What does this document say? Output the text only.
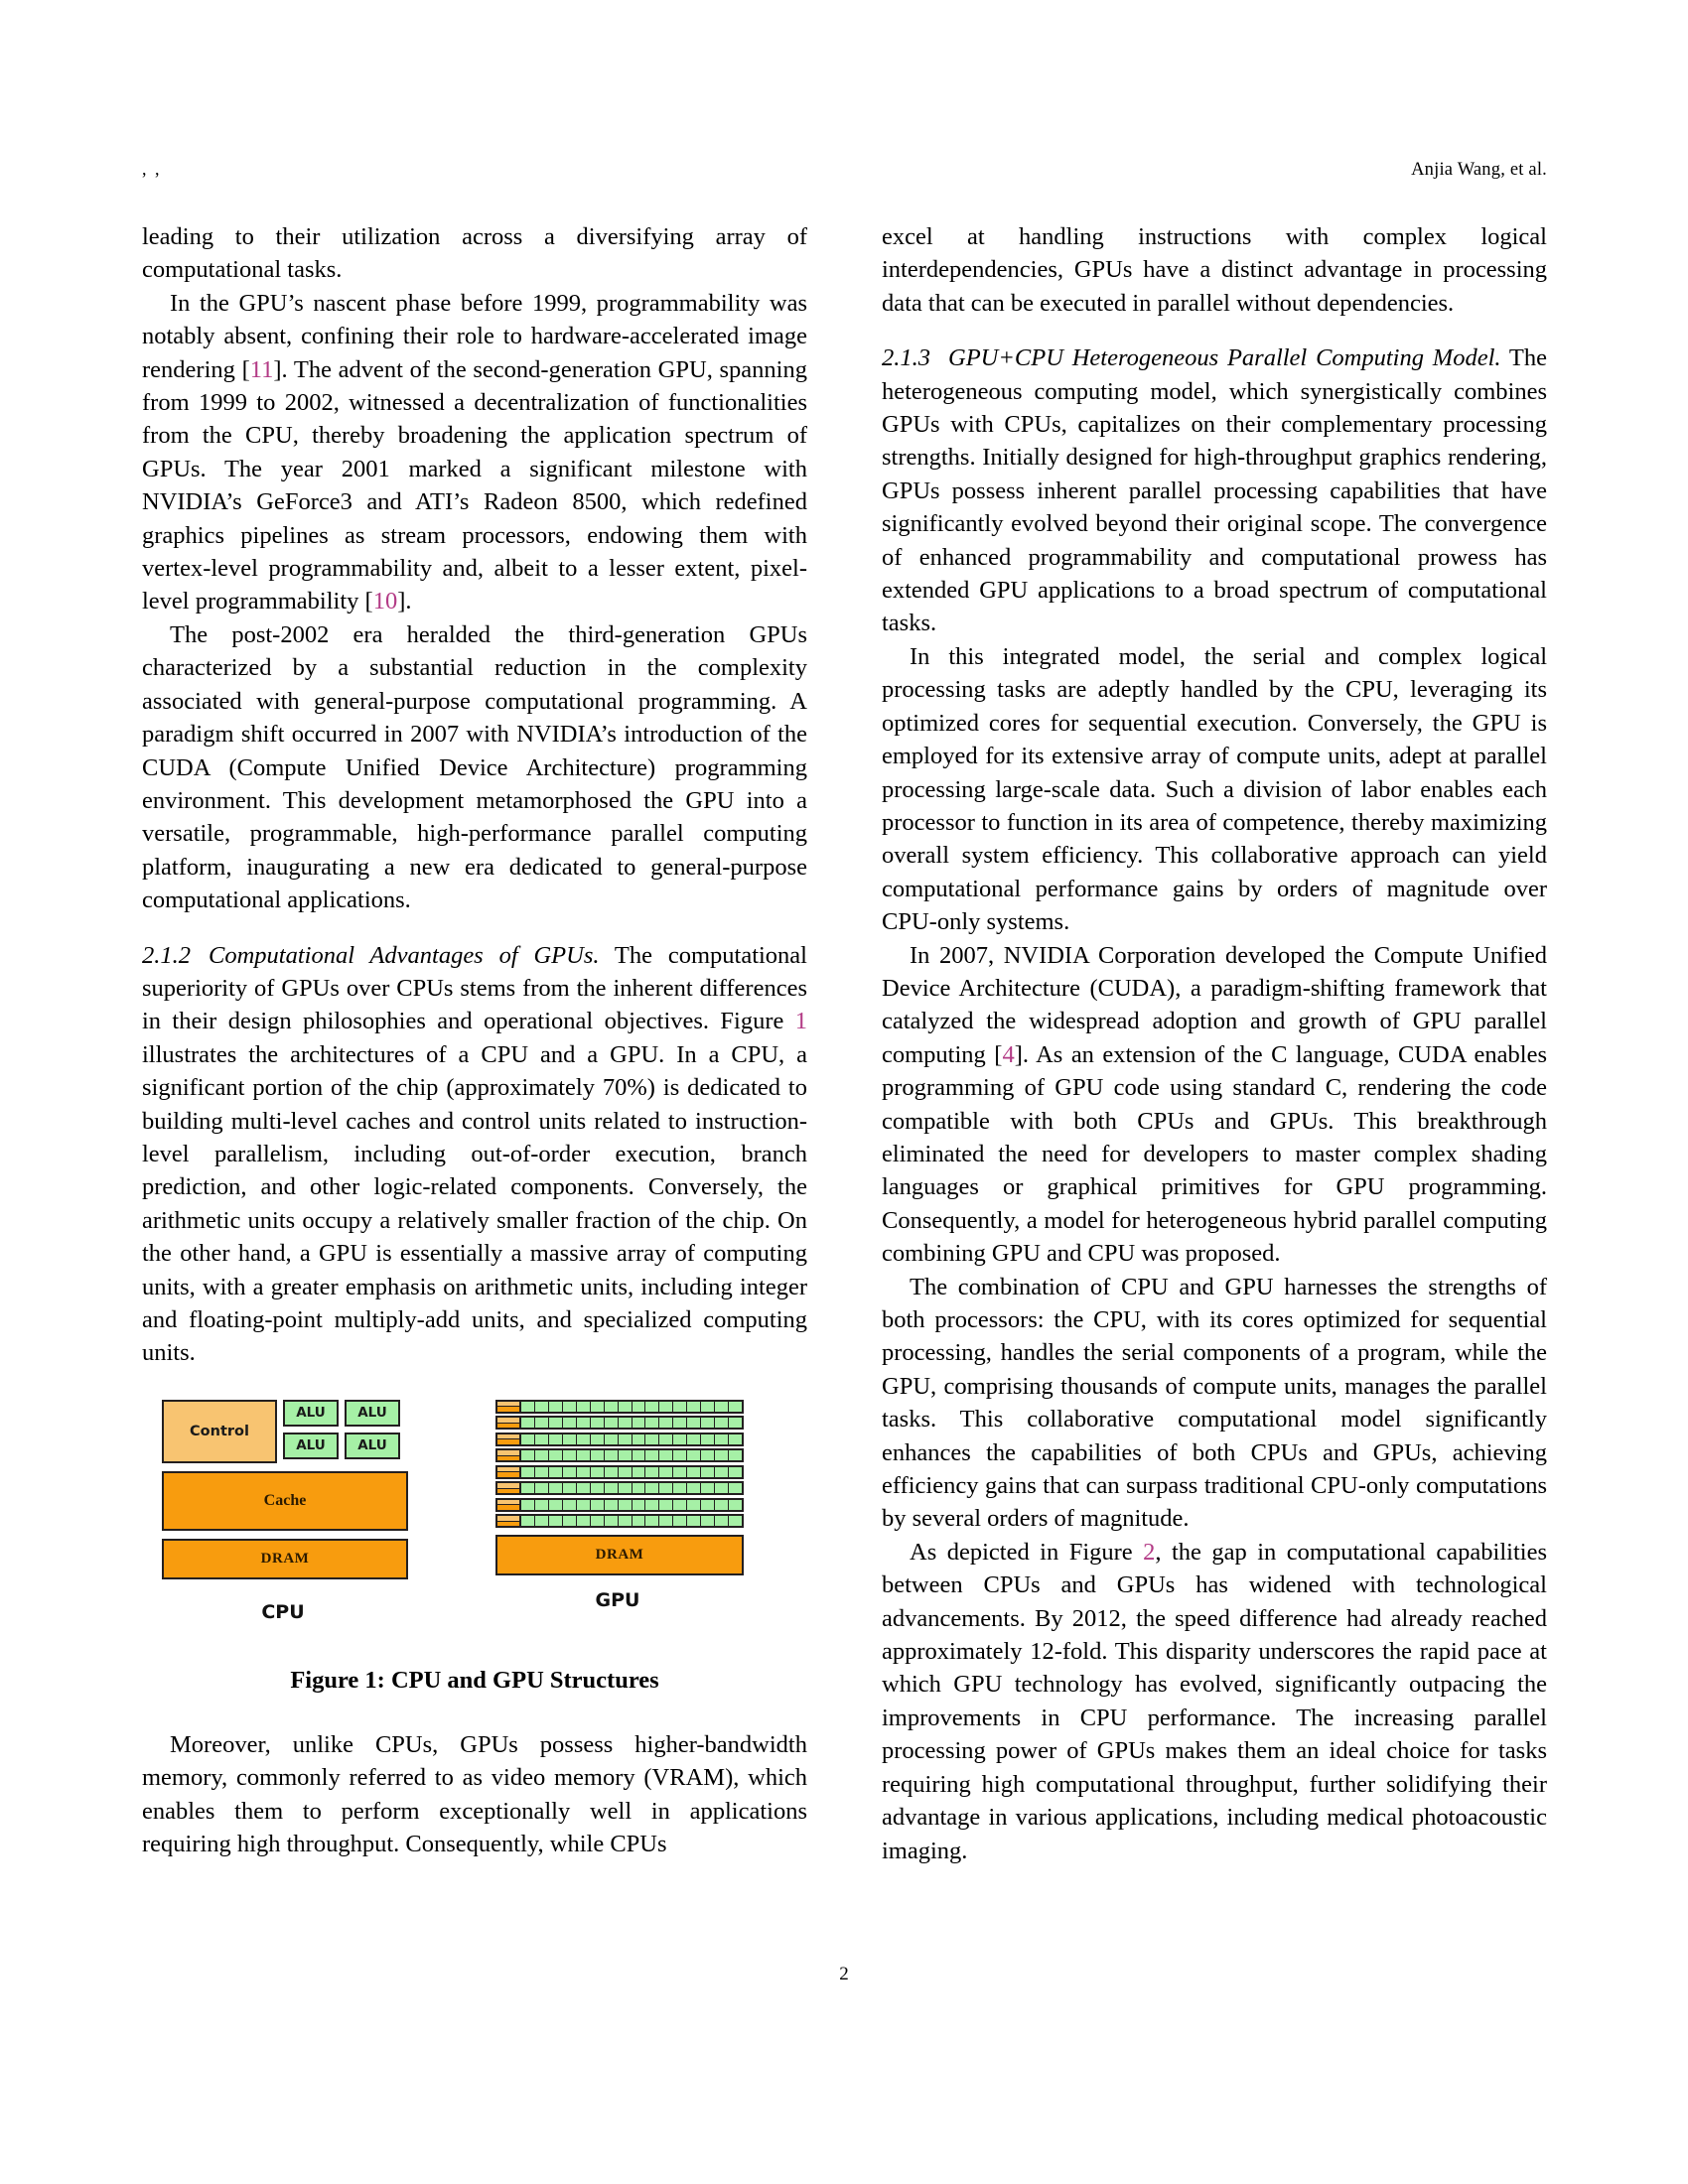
, ,	Anjia Wang, et al.

leading to their utilization across a diversifying array of computational tasks.

In the GPU’s nascent phase before 1999, programmability was notably absent, confining their role to hardware-accelerated image rendering [11]. The advent of the second-generation GPU, spanning from 1999 to 2002, witnessed a decentralization of functionalities from the CPU, thereby broadening the application spectrum of GPUs. The year 2001 marked a significant milestone with NVIDIA’s GeForce3 and ATI’s Radeon 8500, which redefined graphics pipelines as stream processors, endowing them with vertex-level programmability and, albeit to a lesser extent, pixel-level programmability [10].

The post-2002 era heralded the third-generation GPUs characterized by a substantial reduction in the complexity associated with general-purpose computational programming. A paradigm shift occurred in 2007 with NVIDIA’s introduction of the CUDA (Compute Unified Device Architecture) programming environment. This development metamorphosed the GPU into a versatile, programmable, high-performance parallel computing platform, inaugurating a new era dedicated to general-purpose computational applications.

2.1.2 Computational Advantages of GPUs. The computational superiority of GPUs over CPUs stems from the inherent differences in their design philosophies and operational objectives. Figure 1 illustrates the architectures of a CPU and a GPU. In a CPU, a significant portion of the chip (approximately 70%) is dedicated to building multi-level caches and control units related to instruction-level parallelism, including out-of-order execution, branch prediction, and other logic-related components. Conversely, the arithmetic units occupy a relatively smaller fraction of the chip. On the other hand, a GPU is essentially a massive array of computing units, with a greater emphasis on arithmetic units, including integer and floating-point multiply-add units, and specialized computing units.

Control
ALU	ALU
ALU	ALU
Cache
DRAM
CPU
DRAM
GPU
Figure 1: CPU and GPU Structures

Moreover, unlike CPUs, GPUs possess higher-bandwidth memory, commonly referred to as video memory (VRAM), which enables them to perform exceptionally well in applications requiring high throughput. Consequently, while CPUs

excel at handling instructions with complex logical interdependencies, GPUs have a distinct advantage in processing data that can be executed in parallel without dependencies.

2.1.3 GPU+CPU Heterogeneous Parallel Computing Model. The heterogeneous computing model, which synergistically combines GPUs with CPUs, capitalizes on their complementary processing strengths. Initially designed for high-throughput graphics rendering, GPUs possess inherent parallel processing capabilities that have significantly evolved beyond their original scope. The convergence of enhanced programmability and computational prowess has extended GPU applications to a broad spectrum of computational tasks.

In this integrated model, the serial and complex logical processing tasks are adeptly handled by the CPU, leveraging its optimized cores for sequential execution. Conversely, the GPU is employed for its extensive array of compute units, adept at parallel processing large-scale data. Such a division of labor enables each processor to function in its area of competence, thereby maximizing overall system efficiency. This collaborative approach can yield computational performance gains by orders of magnitude over CPU-only systems.

In 2007, NVIDIA Corporation developed the Compute Unified Device Architecture (CUDA), a paradigm-shifting framework that catalyzed the widespread adoption and growth of GPU parallel computing [4]. As an extension of the C language, CUDA enables programming of GPU code using standard C, rendering the code compatible with both CPUs and GPUs. This breakthrough eliminated the need for developers to master complex shading languages or graphical primitives for GPU programming. Consequently, a model for heterogeneous hybrid parallel computing combining GPU and CPU was proposed.

The combination of CPU and GPU harnesses the strengths of both processors: the CPU, with its cores optimized for sequential processing, handles the serial components of a program, while the GPU, comprising thousands of compute units, manages the parallel tasks. This collaborative computational model significantly enhances the capabilities of both CPUs and GPUs, achieving efficiency gains that can surpass traditional CPU-only computations by several orders of magnitude.

As depicted in Figure 2, the gap in computational capabilities between CPUs and GPUs has widened with technological advancements. By 2012, the speed difference had already reached approximately 12-fold. This disparity underscores the rapid pace at which GPU technology has evolved, significantly outpacing the improvements in CPU performance. The increasing parallel processing power of GPUs makes them an ideal choice for tasks requiring high computational throughput, further solidifying their advantage in various applications, including medical photoacoustic imaging.

2
